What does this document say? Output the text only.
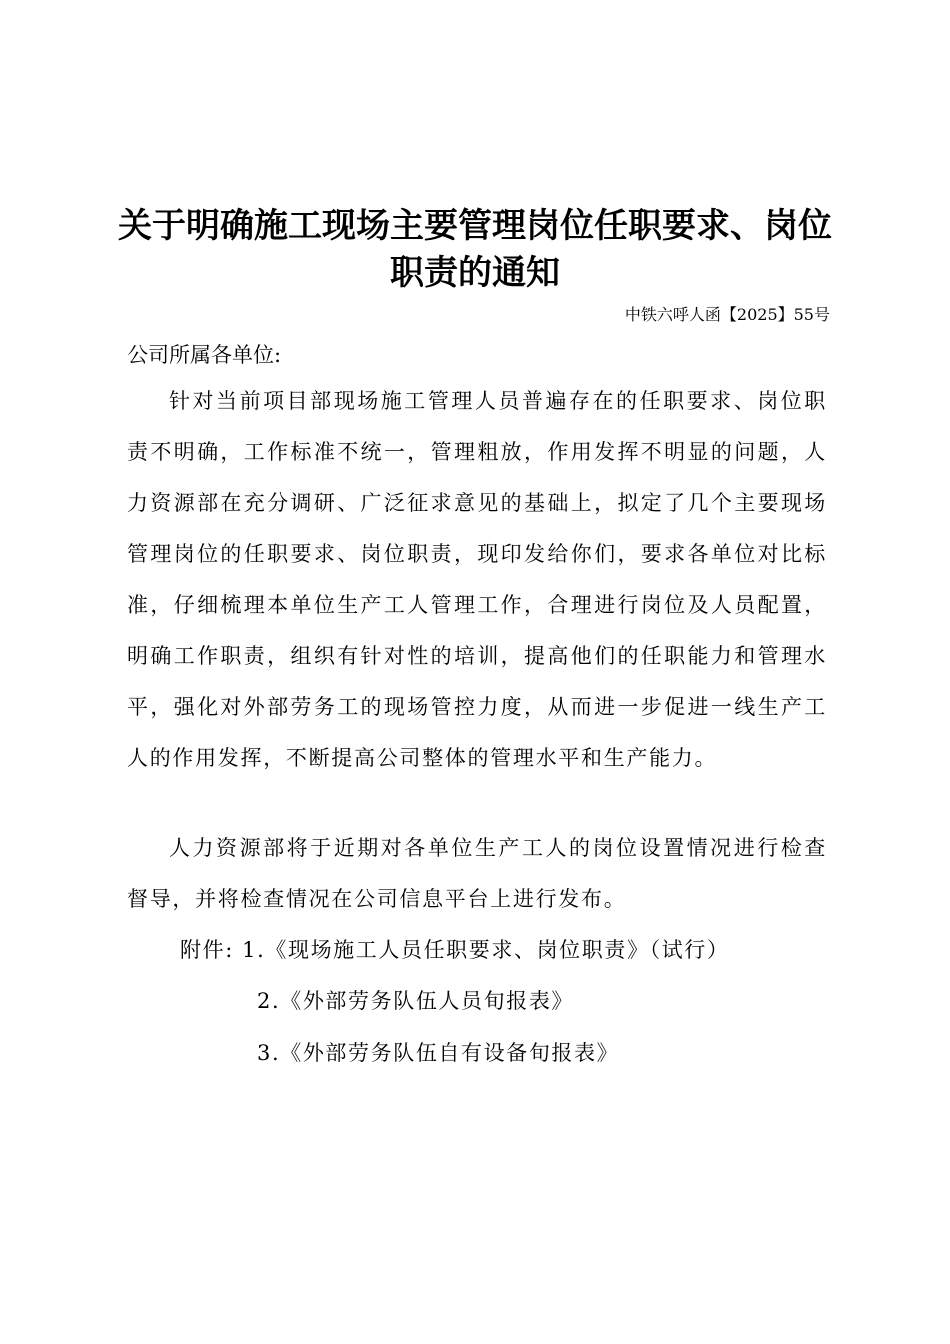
关于明确施工现场主要管理岗位任职要求、岗位
职责的通知
中铁六呼人函【2025】55号
公司所属各单位:

针对当前项目部现场施工管理人员普遍存在的任职要求、岗位职责不明确，工作标准不统一，管理粗放，作用发挥不明显的问题，人力资源部在充分调研、广泛征求意见的基础上，拟定了几个主要现场管理岗位的任职要求、岗位职责，现印发给你们，要求各单位对比标准，仔细梳理本单位生产工人管理工作，合理进行岗位及人员配置，明确工作职责，组织有针对性的培训，提高他们的任职能力和管理水平，强化对外部劳务工的现场管控力度，从而进一步促进一线生产工人的作用发挥，不断提高公司整体的管理水平和生产能力。

人力资源部将于近期对各单位生产工人的岗位设置情况进行检查督导，并将检查情况在公司信息平台上进行发布。

附件: 1.《现场施工人员任职要求、岗位职责》（试行）
2.《外部劳务队伍人员旬报表》
3.《外部劳务队伍自有设备旬报表》
